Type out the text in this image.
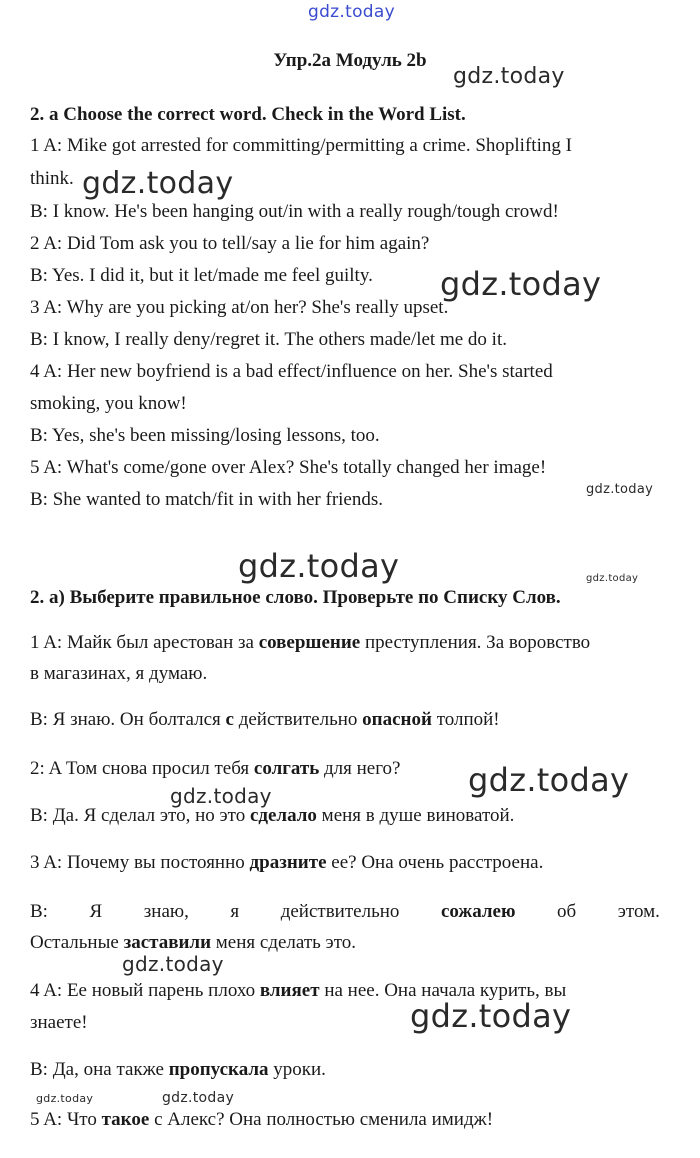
gdz.today
gdz.today
gdz.today
gdz.today
gdz.today
gdz.today	gdz.today
gdz.today
gdz.today
gdz.today
gdz.today
gdz.today	gdz.today
Упр.2a Модуль 2b
2. a Choose the correct word. Check in the Word List.
1 A: Mike got arrested for committing/permitting a crime. Shoplifting I
think.
B: I know. He's been hanging out/in with a really rough/tough crowd!
2 A: Did Tom ask you to tell/say a lie for him again?
B: Yes. I did it, but it let/made me feel guilty.
3 A: Why are you picking at/on her? She's really upset.
B: I know, I really deny/regret it. The others made/let me do it.
4 A: Her new boyfriend is a bad effect/influence on her. She's started
smoking, you know!
B: Yes, she's been missing/losing lessons, too.
5 A: What's come/gone over Alex? She's totally changed her image!
B: She wanted to match/fit in with her friends.
2. а) Выберите правильное слово. Проверьте по Списку Слов.
1 A: Майк был арестован за совершение преступления. За воровство
в магазинах, я думаю.
B: Я знаю. Он болтался с действительно опасной толпой!
2: A Том снова просил тебя солгать для него?
B: Да. Я сделал это, но это сделало меня в душе виноватой.
3 A: Почему вы постоянно дразните ее? Она очень расстроена.
B: Я знаю, я действительно сожалею об этом.
Остальные заставили меня сделать это.
4 A: Ее новый парень плохо влияет на нее. Она начала курить, вы
знаете!
B: Да, она также пропускала уроки.
5 A: Что такое с Алекс? Она полностью сменила имидж!
